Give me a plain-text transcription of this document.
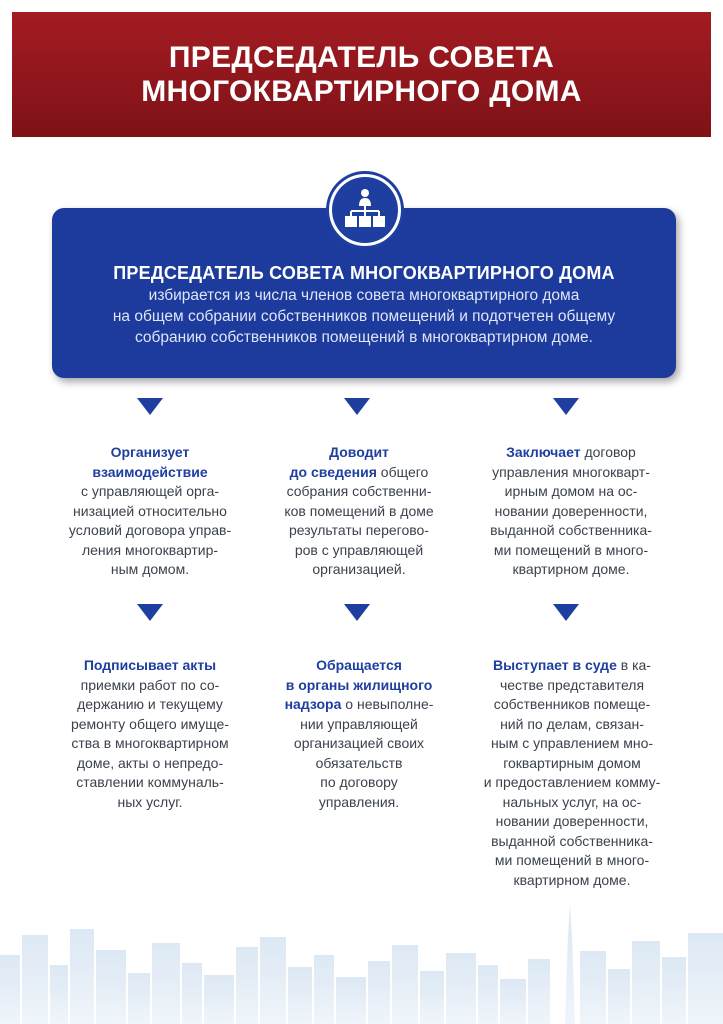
ПРЕДСЕДАТЕЛЬ СОВЕТА
МНОГОКВАРТИРНОГО ДОМА
ПРЕДСЕДАТЕЛЬ СОВЕТА МНОГОКВАРТИРНОГО ДОМА
избирается из числа членов совета многоквартирного дома
на общем собрании собственников помещений и подотчетен общему
собранию собственников помещений в многоквартирном доме.
Организует
взаимодействие
с управляющей орга-
низацией относительно
условий договора управ-
ления многоквартир-
ным домом.
Доводит
до сведения общего
собрания собственни-
ков помещений в доме
результаты перегово-
ров с управляющей
организацией.
Заключает договор
управления многокварт-
ирным домом на ос-
новании доверенности,
выданной собственника-
ми помещений в много-
квартирном доме.
Подписывает акты
приемки работ по со-
держанию и текущему
ремонту общего имуще-
ства в многоквартирном
доме, акты о непредо-
ставлении коммуналь-
ных услуг.
Обращается
в органы жилищного
надзора о невыполне-
нии управляющей
организацией своих
обязательств
по договору
управления.
Выступает в суде в ка-
честве представителя
собственников помеще-
ний по делам, связан-
ным с управлением мно-
гоквартирным домом
и предоставлением комму-
нальных услуг, на ос-
новании доверенности,
выданной собственника-
ми помещений в много-
квартирном доме.
